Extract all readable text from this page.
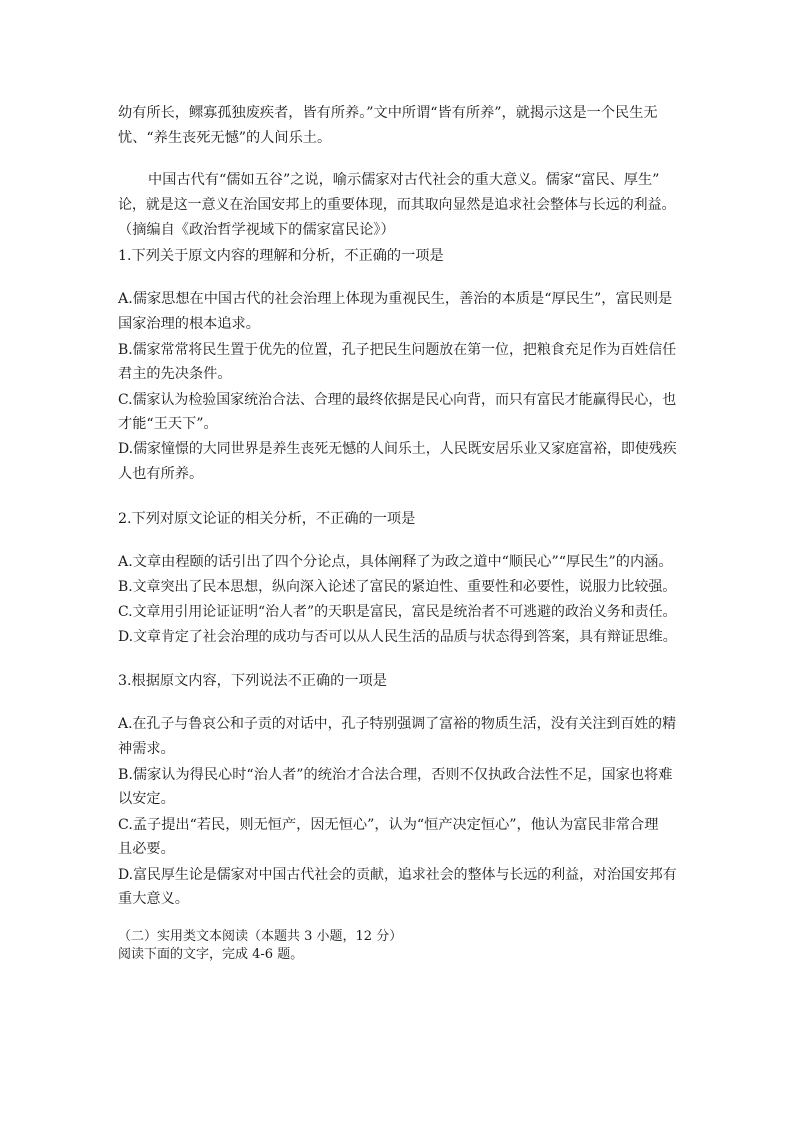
幼有所长，鳏寡孤独废疾者，皆有所养。”文中所谓“皆有所养”，就揭示这是一个民生无
忧、“养生丧死无憾”的人间乐土。
中国古代有“儒如五谷”之说，喻示儒家对古代社会的重大意义。儒家“富民、厚生”
论，就是这一意义在治国安邦上的重要体现，而其取向显然是追求社会整体与长远的利益。
（摘编自《政治哲学视域下的儒家富民论》）
1.下列关于原文内容的理解和分析，不正确的一项是
A.儒家思想在中国古代的社会治理上体现为重视民生，善治的本质是“厚民生”，富民则是
国家治理的根本追求。
B.儒家常常将民生置于优先的位置，孔子把民生问题放在第一位，把粮食充足作为百姓信任
君主的先决条件。
C.儒家认为检验国家统治合法、合理的最终依据是民心向背，而只有富民才能赢得民心，也
才能“王天下”。
D.儒家憧憬的大同世界是养生丧死无憾的人间乐土，人民既安居乐业又家庭富裕，即使残疾
人也有所养。
2.下列对原文论证的相关分析，不正确的一项是
A.文章由程颐的话引出了四个分论点，具体阐释了为政之道中“顺民心”“厚民生”的内涵。
B.文章突出了民本思想，纵向深入论述了富民的紧迫性、重要性和必要性，说服力比较强。
C.文章用引用论证证明“治人者”的天职是富民，富民是统治者不可逃避的政治义务和责任。
D.文章肯定了社会治理的成功与否可以从人民生活的品质与状态得到答案，具有辩证思维。
3.根据原文内容，下列说法不正确的一项是
A.在孔子与鲁哀公和子贡的对话中，孔子特别强调了富裕的物质生活，没有关注到百姓的精
神需求。
B.儒家认为得民心时“治人者”的统治才合法合理，否则不仅执政合法性不足，国家也将难
以安定。
C.孟子提出“若民，则无恒产，因无恒心”，认为“恒产决定恒心”，他认为富民非常合理
且必要。
D.富民厚生论是儒家对中国古代社会的贡献，追求社会的整体与长远的利益，对治国安邦有
重大意义。
（二）实用类文本阅读（本题共 3 小题，12 分）
阅读下面的文字，完成 4-6 题。
